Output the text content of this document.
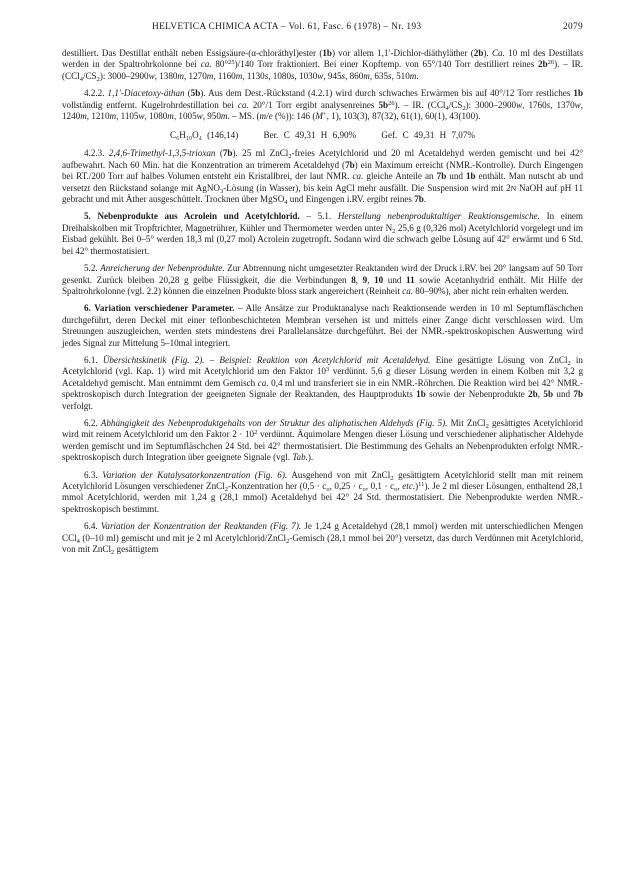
HELVETICA CHIMICA ACTA – Vol. 61, Fasc. 6 (1978) – Nr. 193	2079

destilliert. Das Destillat enthält neben Essigsäure-(α-chloräthyl)ester (1b) vor allem 1,1′-Dichlor-diäthyläther (2b). Ca. 10 ml des Destillats werden in der Spaltrohrkolonne bei ca. 80°$^{25}$)/140 Torr fraktioniert. Bei einer Kopftemp. von 65°/140 Torr destilliert reines $2b^{26}$). – IR. $(CCl_4/CS_2)$: 3000–2900w, 1380m, 1270m, 1160m, 1130s, 1080s, 1030w, 945s, 860m, 635s, 510m.

4.2.2. 1,1′-Diacetoxy-äthan (5b). Aus dem Dest.-Rückstand (4.2.1) wird durch schwaches Erwärmen bis auf 40°/12 Torr restliches 1b vollständig entfernt. Kugelrohrdestillation bei ca. 20°/1 Torr ergibt analysenreines $5b^{26}$). – IR. $(CCl_4/CS_2)$: 3000–2900w, 1760s, 1370w, 1240m, 1210m, 1105w, 1080m, 1005w, 950m. – MS. (m/e (%)): 146 (M+, 1), 103(3), 87(32), 61(1), 60(1), 43(100).

C₆H₁₀O₄ (146,14)	Ber. C 49,31 H 6,90%	Gef. C 49,31 H 7,07%

4.2.3. 2,4,6-Trimethyl-1,3,5-trioxan (7b). 25 ml ZnCl$_2$-freies Acetylchlorid und 20 ml Acetaldehyd werden gemischt und bei 42° aufbewahrt. Nach 60 Min. hat die Konzentration an trimerem Acetaldehyd (7b) ein Maximum erreicht (NMR.-Kontrolle). Durch Eingengen bei RT./200 Torr auf halbes Volumen entsteht ein Kristallbrei, der laut NMR. ca. gleiche Anteile an 7b und 1b enthält. Man nutscht ab und versetzt den Rückstand solange mit AgNO$_3$-Lösung (in Wasser), bis kein AgCl mehr ausfällt. Die Suspension wird mit 2N NaOH auf pH 11 gebracht und mit Äther ausgeschüttelt. Trocknen über MgSO$_4$ und Eingengen i.RV. ergibt reines 7b.

5. Nebenprodukte aus Acrolein und Acetylchlorid. – 5.1. Herstellung nebenproduktaltiger Reaktionsgemische. In einem Dreihalskolben mit Tropftrichter, Magnetrührer, Kühler und Thermometer werden unter $N_2$ 25,6 g (0,326 mol) Acetylchlorid vorgelegt und im Eisbad gekühlt. Bei 0–5° werden 18,3 ml (0,27 mol) Acrolein zugetropft. Sodann wird die schwach gelbe Lösung auf 42° erwärmt und 6 Std. bei 42° thermostatisiert.

5.2. Anreicherung der Nebenprodukte. Zur Abtrennung nicht umgesetzter Reaktanden wird der Druck i.RV. bei 20° langsam auf 50 Torr gesenkt. Zurück bleiben 20,28 g gelbe Flüssigkeit, die die Verbindungen 8, 9, 10 und 11 sowie Acetanhydrid enthält. Mit Hilfe der Spaltrohrkolonne (vgl. 2.2) können die einzelnen Produkte bloss stark angereichert (Reinheit ca. 80–90%), aber nicht rein erhalten werden.

6. Variation verschiedener Parameter. – Alle Ansätze zur Produktanalyse nach Reaktionsende werden in 10 ml Septumfläschchen durchgeführt, deren Deckel mit einer teflonbeschichteten Membran versehen ist und mittels einer Zange dicht verschlossen wird. Um Streuungen auszugleichen, werden stets mindestens drei Parallelansätze durchgeführt. Bei der NMR.-spektroskopischen Auswertung wird jedes Signal zur Mittelung 5–10mal integriert.

6.1. Übersichtskinetik (Fig. 2). – Beispiel: Reaktion von Acetylchlorid mit Acetaldehyd. Eine gesättigte Lösung von ZnCl$_2$ in Acetylchlorid (vgl. Kap. 1) wird mit Acetylchlorid um den Faktor $10^3$ verdünnt. 5,6 g dieser Lösung werden in einem Kolben mit 3,2 g Acetaldehyd gemischt. Man entnimmt dem Gemisch ca. 0,4 ml und transferiert sie in ein NMR.-Röhrchen. Die Reaktion wird bei 42° NMR.-spektroskopisch durch Integration der geeigneten Signale der Reaktanden, des Hauptprodukts 1b sowie der Nebenprodukte 2b, 5b und 7b verfolgt.

6.2. Abhängigkeit des Nebenproduktgehalts von der Struktur des aliphatischen Aldehyds (Fig. 5). Mit ZnCl$_2$ gesättigtes Acetylchlorid wird mit reinem Acetylchlorid um den Faktor $2 \cdot 10^2$ verdünnt. Äquimolare Mengen dieser Lösung und verschiedener aliphatischer Aldehyde werden gemischt und im Septumfläschchen 24 Std. bei 42° thermostatisiert. Die Bestimmung des Gehalts an Nebenprodukten erfolgt NMR.-spektroskopisch durch Integration über geeignete Signale (vgl. Tab.).

6.3. Variation der Katalysatorkonzentration (Fig. 6). Ausgehend von mit ZnCl$_2$ gesättigtem Acetylchlorid stellt man mit reinem Acetylchlorid Lösungen verschiedener ZnCl$_2$-Konzentration her ($0,5 \cdot c_o$, $0,25 \cdot c_o$, $0,1 \cdot c_o$, etc.)$^{11}$). Je 2 ml dieser Lösungen, enthaltend 28,1 mmol Acetylchlorid, werden mit 1,24 g (28,1 mmol) Acetaldehyd bei 42° 24 Std. thermostatisiert. Die Nebenprodukte werden NMR.-spektroskopisch bestimmt.

6.4. Variation der Konzentration der Reaktanden (Fig. 7). Je 1,24 g Acetaldehyd (28,1 mmol) werden mit unterschiedlichen Mengen CCl$_4$ (0–10 ml) gemischt und mit je 2 ml Acetylchlorid/ZnCl$_2$-Gemisch (28,1 mmol bei 20°) versetzt, das durch Verdünnen mit Acetylchlorid, von mit ZnCl$_2$ gesättigtem
